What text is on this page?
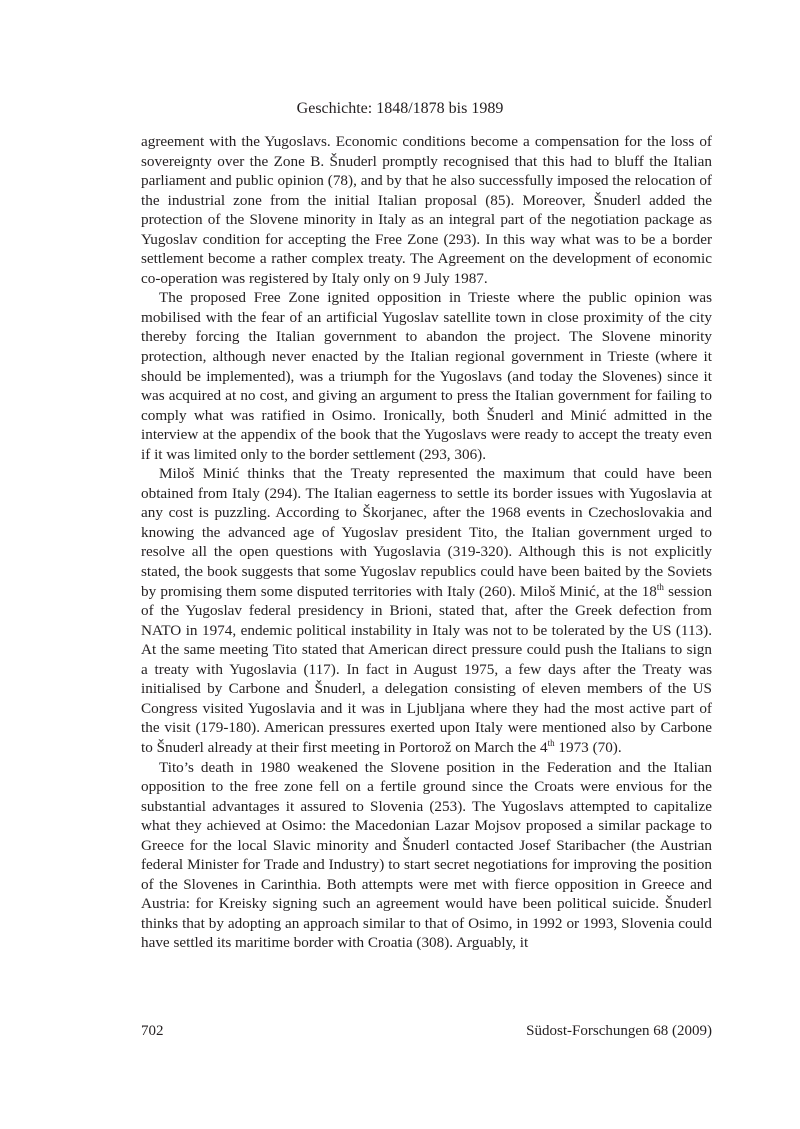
Geschichte: 1848/1878 bis 1989

agreement with the Yugoslavs. Economic conditions become a compensation for the loss of sovereignty over the Zone B. Šnuderl promptly recognised that this had to bluff the Italian parliament and public opinion (78), and by that he also successfully imposed the relocation of the industrial zone from the initial Italian proposal (85). Moreover, Šnuderl added the protection of the Slovene minority in Italy as an integral part of the negotiation package as Yugoslav condition for accepting the Free Zone (293). In this way what was to be a border settlement become a rather complex treaty. The Agreement on the development of economic co-operation was registered by Italy only on 9 July 1987.

The proposed Free Zone ignited opposition in Trieste where the public opinion was mobilised with the fear of an artificial Yugoslav satellite town in close proximity of the city thereby forcing the Italian government to abandon the project. The Slovene minority protection, although never enacted by the Italian regional government in Trieste (where it should be implemented), was a triumph for the Yugoslavs (and today the Slovenes) since it was acquired at no cost, and giving an argument to press the Italian government for failing to comply what was ratified in Osimo. Ironically, both Šnuderl and Minić admitted in the interview at the appendix of the book that the Yugoslavs were ready to accept the treaty even if it was limited only to the border settlement (293, 306).

Miloš Minić thinks that the Treaty represented the maximum that could have been obtained from Italy (294). The Italian eagerness to settle its border issues with Yugoslavia at any cost is puzzling. According to Škorjanec, after the 1968 events in Czechoslovakia and knowing the advanced age of Yugoslav president Tito, the Italian government urged to resolve all the open questions with Yugoslavia (319-320). Although this is not explicitly stated, the book suggests that some Yugoslav republics could have been baited by the Soviets by promising them some disputed territories with Italy (260). Miloš Minić, at the 18th session of the Yugoslav federal presidency in Brioni, stated that, after the Greek defection from NATO in 1974, endemic political instability in Italy was not to be tolerated by the US (113). At the same meeting Tito stated that American direct pressure could push the Italians to sign a treaty with Yugoslavia (117). In fact in August 1975, a few days after the Treaty was initialised by Carbone and Šnuderl, a delegation consisting of eleven members of the US Congress visited Yugoslavia and it was in Ljubljana where they had the most active part of the visit (179-180). American pressures exerted upon Italy were mentioned also by Carbone to Šnuderl already at their first meeting in Portorož on March the 4th 1973 (70).

Tito’s death in 1980 weakened the Slovene position in the Federation and the Italian opposition to the free zone fell on a fertile ground since the Croats were envious for the substantial advantages it assured to Slovenia (253). The Yugoslavs attempted to capitalize what they achieved at Osimo: the Macedonian Lazar Mojsov proposed a similar package to Greece for the local Slavic minority and Šnuderl contacted Josef Staribacher (the Austrian federal Minister for Trade and Industry) to start secret negotiations for improving the position of the Slovenes in Carinthia. Both attempts were met with fierce opposition in Greece and Austria: for Kreisky signing such an agreement would have been political suicide. Šnuderl thinks that by adopting an approach similar to that of Osimo, in 1992 or 1993, Slovenia could have settled its maritime border with Croatia (308). Arguably, it

702	Südost-Forschungen 68 (2009)
